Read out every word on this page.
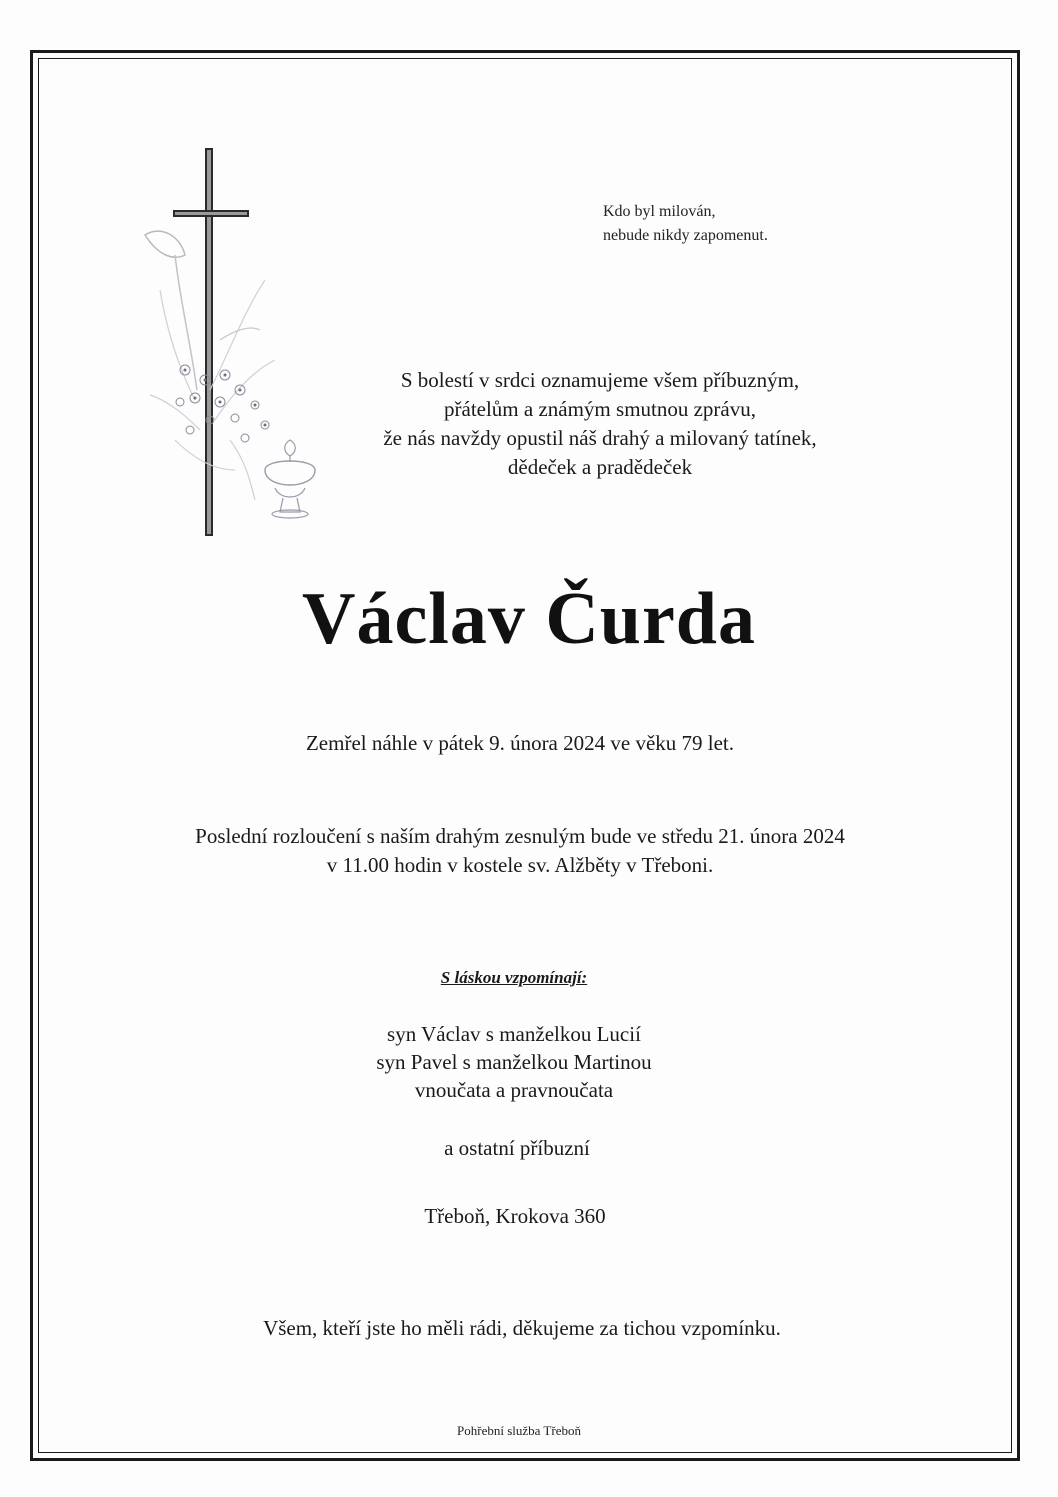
Kdo byl milován,
nebude nikdy zapomenut.
S bolestí v srdci oznamujeme všem příbuzným,
přátelům a známým smutnou zprávu,
že nás navždy opustil náš drahý a milovaný tatínek,
dědeček a pradědeček
Václav Čurda
Zemřel náhle v pátek 9. února 2024 ve věku 79 let.
Poslední rozloučení s naším drahým zesnulým bude ve středu 21. února 2024
v 11.00 hodin v kostele sv. Alžběty v Třeboni.
S láskou vzpomínají:
syn Václav s manželkou Lucií
syn Pavel s manželkou Martinou
vnoučata a pravnoučata
a ostatní příbuzní
Třeboň, Krokova 360
Všem, kteří jste ho měli rádi, děkujeme za tichou vzpomínku.
Pohřební služba Třeboň
